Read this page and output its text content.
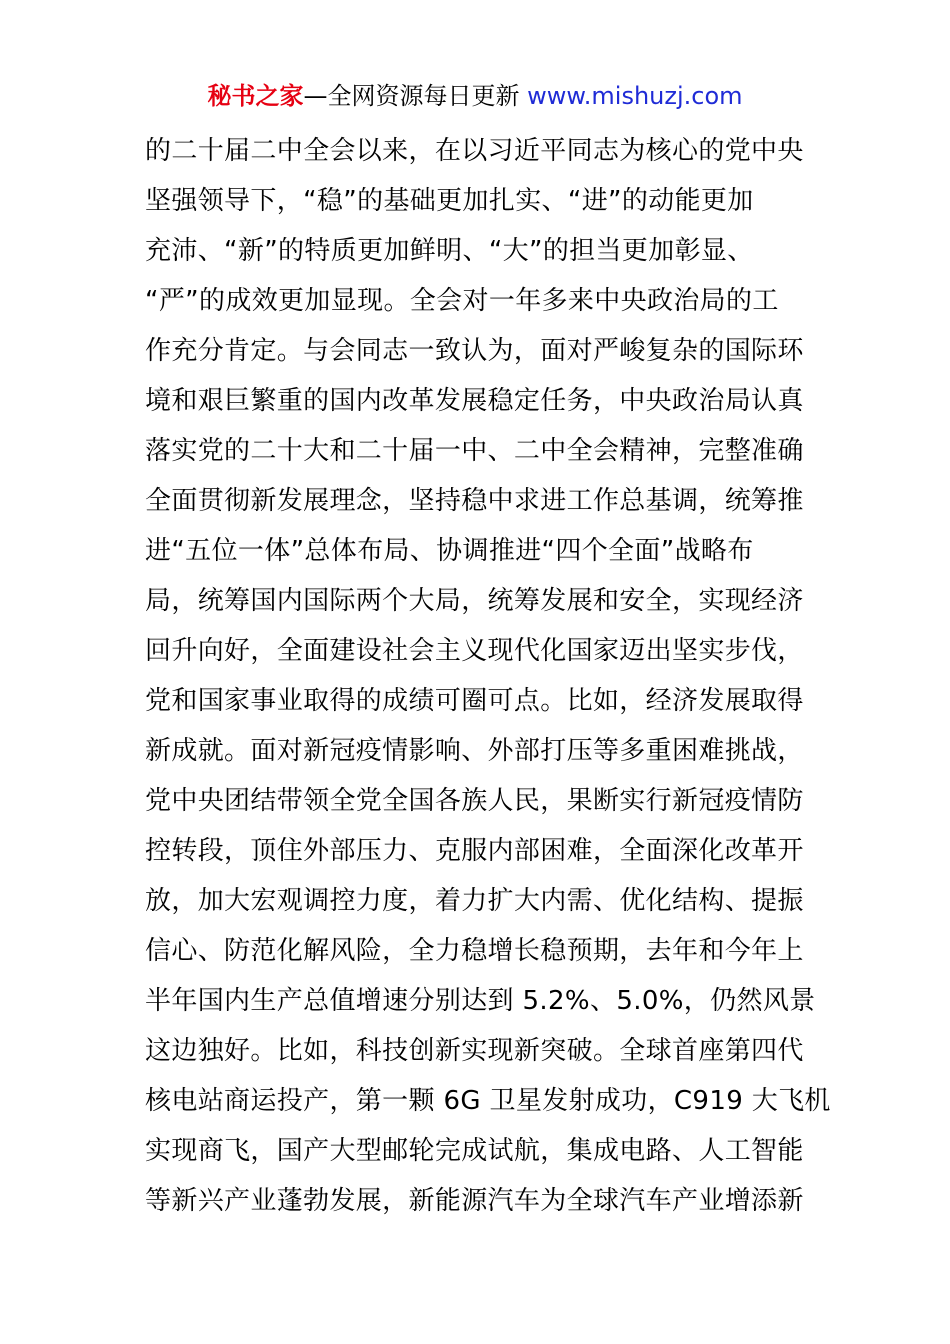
秘书之家—全网资源每日更新 www.mishuzj.com
的二十届二中全会以来，在以习近平同志为核心的党中央
坚强领导下，“稳”的基础更加扎实、“进”的动能更加
充沛、“新”的特质更加鲜明、“大”的担当更加彰显、
“严”的成效更加显现。全会对一年多来中央政治局的工
作充分肯定。与会同志一致认为，面对严峻复杂的国际环
境和艰巨繁重的国内改革发展稳定任务，中央政治局认真
落实党的二十大和二十届一中、二中全会精神，完整准确
全面贯彻新发展理念，坚持稳中求进工作总基调，统筹推
进“五位一体”总体布局、协调推进“四个全面”战略布
局，统筹国内国际两个大局，统筹发展和安全，实现经济
回升向好，全面建设社会主义现代化国家迈出坚实步伐，
党和国家事业取得的成绩可圈可点。比如，经济发展取得
新成就。面对新冠疫情影响、外部打压等多重困难挑战，
党中央团结带领全党全国各族人民，果断实行新冠疫情防
控转段，顶住外部压力、克服内部困难，全面深化改革开
放，加大宏观调控力度，着力扩大内需、优化结构、提振
信心、防范化解风险，全力稳增长稳预期，去年和今年上
半年国内生产总值增速分别达到 5.2%、5.0%，仍然风景
这边独好。比如，科技创新实现新突破。全球首座第四代
核电站商运投产，第一颗 6G 卫星发射成功，C919 大飞机
实现商飞，国产大型邮轮完成试航，集成电路、人工智能
等新兴产业蓬勃发展，新能源汽车为全球汽车产业增添新
